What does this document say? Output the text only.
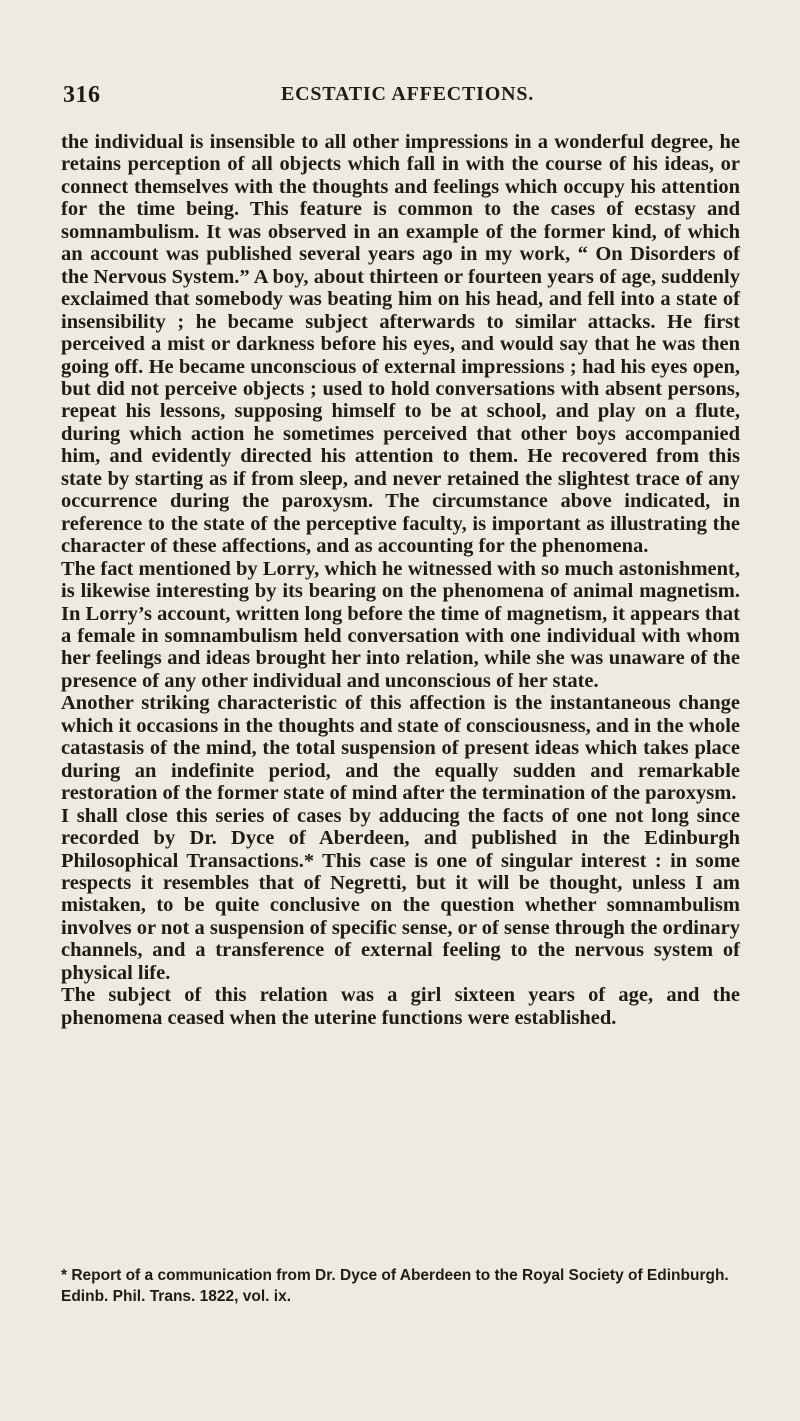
316	ECSTATIC AFFECTIONS.

the individual is insensible to all other impressions in a wonderful degree, he retains perception of all objects which fall in with the course of his ideas, or connect themselves with the thoughts and feelings which occupy his attention for the time being. This feature is common to the cases of ecstasy and somnambulism. It was observed in an example of the former kind, of which an account was published several years ago in my work, “ On Disorders of the Nervous System.” A boy, about thirteen or fourteen years of age, suddenly exclaimed that somebody was beating him on his head, and fell into a state of insensibility ; he became subject afterwards to similar attacks. He first perceived a mist or darkness before his eyes, and would say that he was then going off. He became unconscious of external impressions ; had his eyes open, but did not perceive objects ; used to hold conversations with absent persons, repeat his lessons, supposing himself to be at school, and play on a flute, during which action he sometimes perceived that other boys accompanied him, and evidently directed his attention to them. He recovered from this state by starting as if from sleep, and never retained the slightest trace of any occurrence during the paroxysm. The circumstance above indicated, in reference to the state of the perceptive faculty, is important as illustrating the character of these affections, and as accounting for the phenomena.

The fact mentioned by Lorry, which he witnessed with so much astonishment, is likewise interesting by its bearing on the phenomena of animal magnetism. In Lorry’s account, written long before the time of magnetism, it appears that a female in somnambulism held conversation with one individual with whom her feelings and ideas brought her into relation, while she was unaware of the presence of any other individual and unconscious of her state.

Another striking characteristic of this affection is the instantaneous change which it occasions in the thoughts and state of consciousness, and in the whole catastasis of the mind, the total suspension of present ideas which takes place during an indefinite period, and the equally sudden and remarkable restoration of the former state of mind after the termination of the paroxysm.

I shall close this series of cases by adducing the facts of one not long since recorded by Dr. Dyce of Aberdeen, and published in the Edinburgh Philosophical Transactions.* This case is one of singular interest : in some respects it resembles that of Negretti, but it will be thought, unless I am mistaken, to be quite conclusive on the question whether somnambulism involves or not a suspension of specific sense, or of sense through the ordinary channels, and a transference of external feeling to the nervous system of physical life.

The subject of this relation was a girl sixteen years of age, and the phenomena ceased when the uterine functions were established.

* Report of a communication from Dr. Dyce of Aberdeen to the Royal Society of Edinburgh. Edinb. Phil. Trans. 1822, vol. ix.
